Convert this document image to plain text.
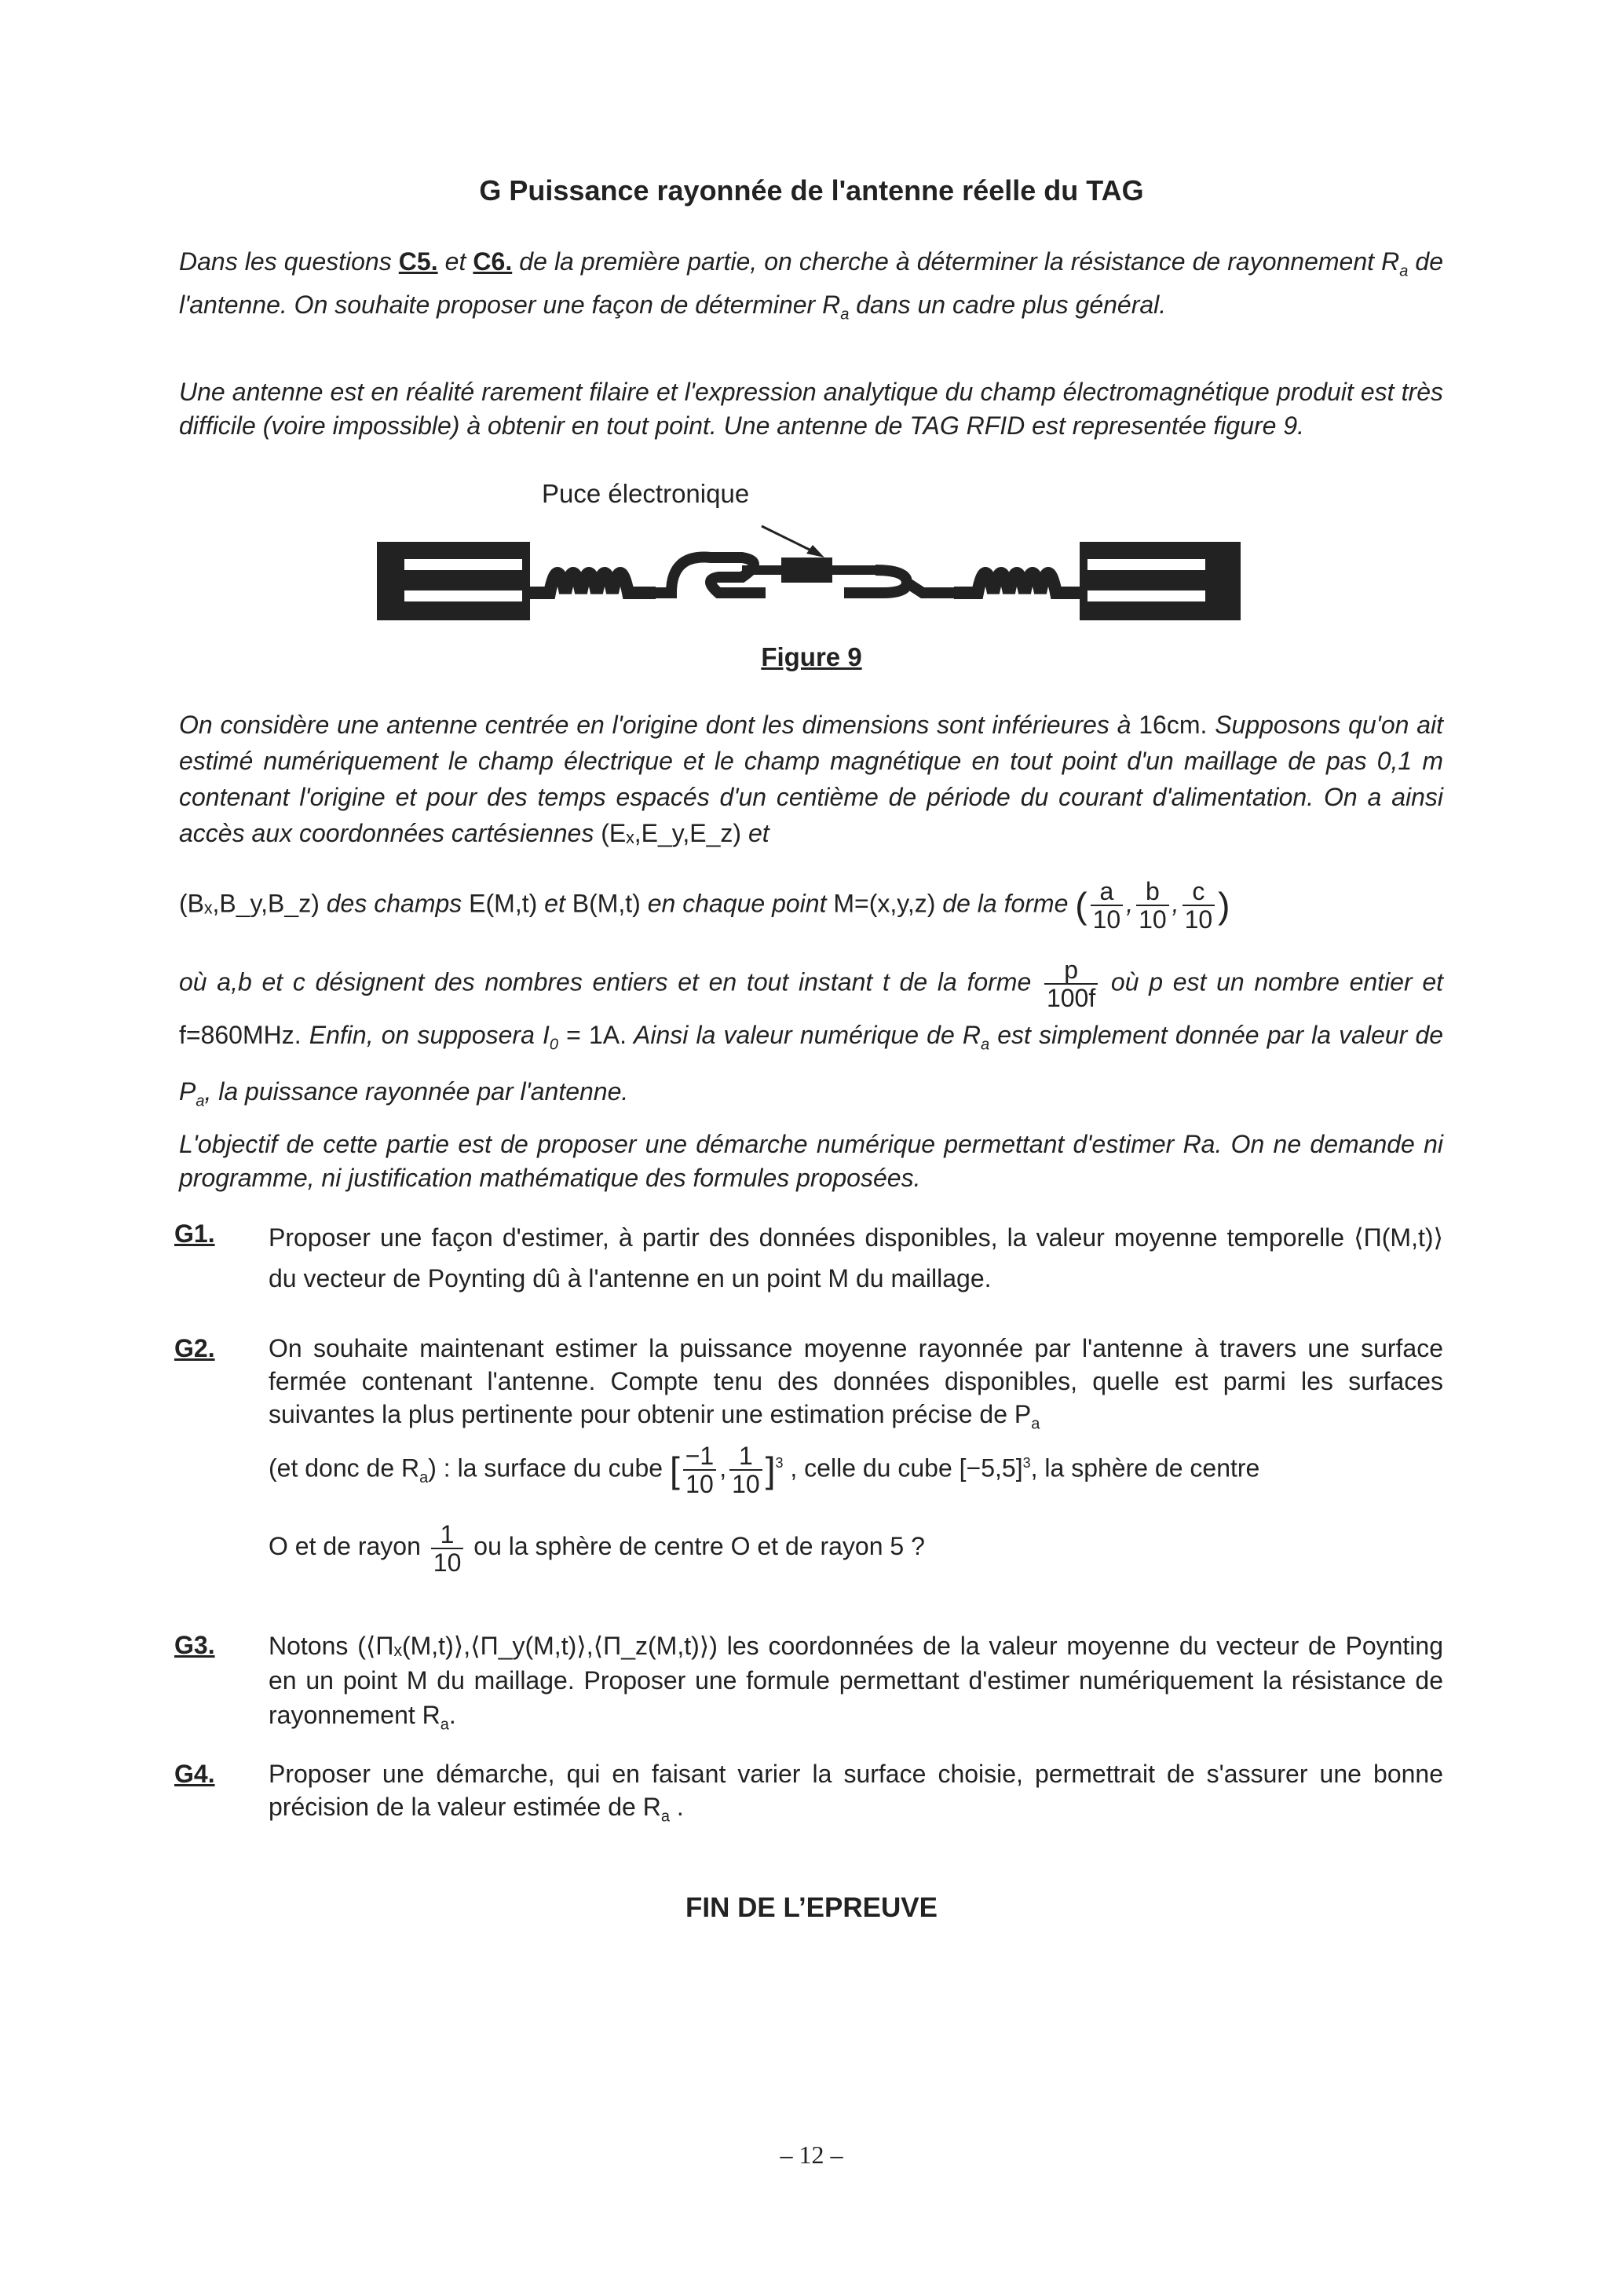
G Puissance rayonnée de l'antenne réelle du TAG
Dans les questions C5. et C6. de la première partie, on cherche à déterminer la résistance de rayonnement $R_a$ de l'antenne. On souhaite proposer une façon de déterminer $R_a$ dans un cadre plus général.
Une antenne est en réalité rarement filaire et l'expression analytique du champ électromagnétique produit est très difficile (voire impossible) à obtenir en tout point. Une antenne de TAG RFID est representée figure 9.
Puce électronique
Figure 9
On considère une antenne centrée en l'origine dont les dimensions sont inférieures à 16cm. Supposons qu'on ait estimé numériquement le champ électrique et le champ magnétique en tout point d'un maillage de pas 0,1 m contenant l'origine et pour des temps espacés d'un centième de période du courant d'alimentation. On a ainsi accès aux coordonnées cartésiennes (Eₓ,E_y,E_z) et
(Bₓ,B_y,B_z) des champs E(M,t) et B(M,t) en chaque point M=(x,y,z) de la forme ( $\frac{a}{10}$ , $\frac{b}{10}$ , $\frac{c}{10}$ )
où a,b et c désignent des nombres entiers et en tout instant t de la forme $\frac{p}{100f}$ où p est un nombre entier et f=860MHz. Enfin, on supposera $I_0 = 1A$. Ainsi la valeur numérique de $R_a$ est simplement donnée par la valeur de $P_a$, la puissance rayonnée par l'antenne.
L'objectif de cette partie est de proposer une démarche numérique permettant d'estimer Ra. On ne demande ni programme, ni justification mathématique des formules proposées.
G1. Proposer une façon d'estimer, à partir des données disponibles, la valeur moyenne temporelle ⟨Π(M,t)⟩ du vecteur de Poynting dû à l'antenne en un point M du maillage.
G2. On souhaite maintenant estimer la puissance moyenne rayonnée par l'antenne à travers une surface fermée contenant l'antenne. Compte tenu des données disponibles, quelle est parmi les surfaces suivantes la plus pertinente pour obtenir une estimation précise de $P_a$
(et donc de $R_a$) : la surface du cube [ $\frac{-1}{10}$ , $\frac{1}{10} ]^3$ , celle du cube $[-5,5]^3$, la sphère de centre
O et de rayon $\frac{1}{10}$ ou la sphère de centre O et de rayon 5 ?
G3. Notons (⟨Πₓ(M,t)⟩,⟨Π_y(M,t)⟩,⟨Π_z(M,t)⟩) les coordonnées de la valeur moyenne du vecteur de Poynting en un point M du maillage. Proposer une formule permettant d'estimer numériquement la résistance de rayonnement $R_a$.
G4. Proposer une démarche, qui en faisant varier la surface choisie, permettrait de s'assurer une bonne précision de la valeur estimée de $R_a$ .
FIN DE L’EPREUVE
– 12 –
